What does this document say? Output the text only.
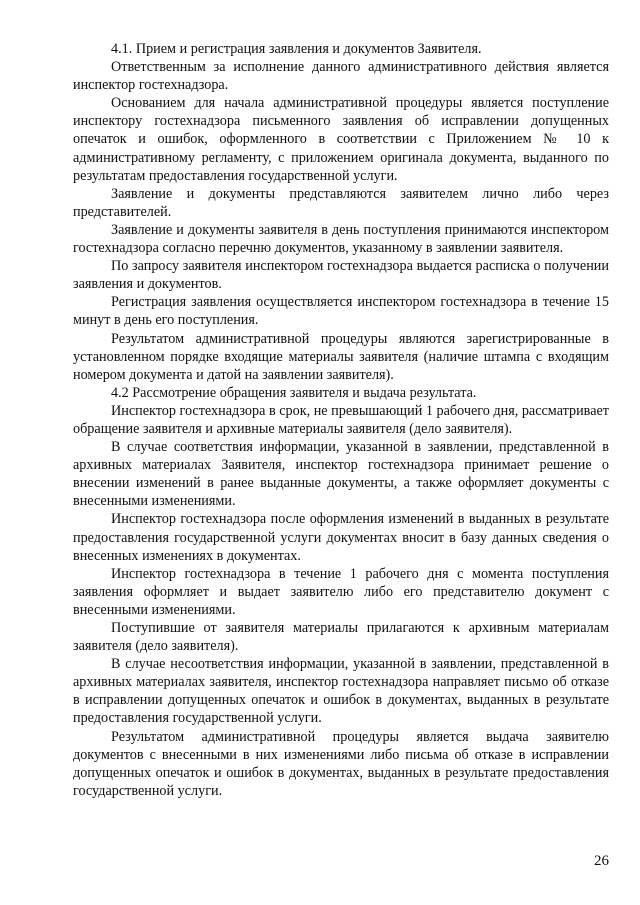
4.1. Прием и регистрация заявления и документов Заявителя.

Ответственным за исполнение данного административного действия является инспектор гостехнадзора.

Основанием для начала административной процедуры является поступление инспектору гостехнадзора письменного заявления об исправлении допущенных опечаток и ошибок, оформленного в соответствии с Приложением № 10 к административному регламенту, с приложением оригинала документа, выданного по результатам предоставления государственной услуги.

Заявление и документы представляются заявителем лично либо через представителей.

Заявление и документы заявителя в день поступления принимаются инспектором гостехнадзора согласно перечню документов, указанному в заявлении заявителя.

По запросу заявителя инспектором гостехнадзора выдается расписка о получении заявления и документов.

Регистрация заявления осуществляется инспектором гостехнадзора в течение 15 минут в день его поступления.

Результатом административной процедуры являются зарегистрированные в установленном порядке входящие материалы заявителя (наличие штампа с входящим номером документа и датой на заявлении заявителя).

4.2 Рассмотрение обращения заявителя и выдача результата.

Инспектор гостехнадзора в срок, не превышающий 1 рабочего дня, рассматривает обращение заявителя и архивные материалы заявителя (дело заявителя).

В случае соответствия информации, указанной в заявлении, представленной в архивных материалах Заявителя, инспектор гостехнадзора принимает решение о внесении изменений в ранее выданные документы, а также оформляет документы с внесенными изменениями.

Инспектор гостехнадзора после оформления изменений в выданных в результате предоставления государственной услуги документах вносит в базу данных сведения о внесенных изменениях в документах.

Инспектор гостехнадзора в течение 1 рабочего дня с момента поступления заявления оформляет и выдает заявителю либо его представителю документ с внесенными изменениями.

Поступившие от заявителя материалы прилагаются к архивным материалам заявителя (дело заявителя).

В случае несоответствия информации, указанной в заявлении, представленной в архивных материалах заявителя, инспектор гостехнадзора направляет письмо об отказе в исправлении допущенных опечаток и ошибок в документах, выданных в результате предоставления государственной услуги.

Результатом административной процедуры является выдача заявителю документов с внесенными в них изменениями либо письма об отказе в исправлении допущенных опечаток и ошибок в документах, выданных в результате предоставления государственной услуги.

26
